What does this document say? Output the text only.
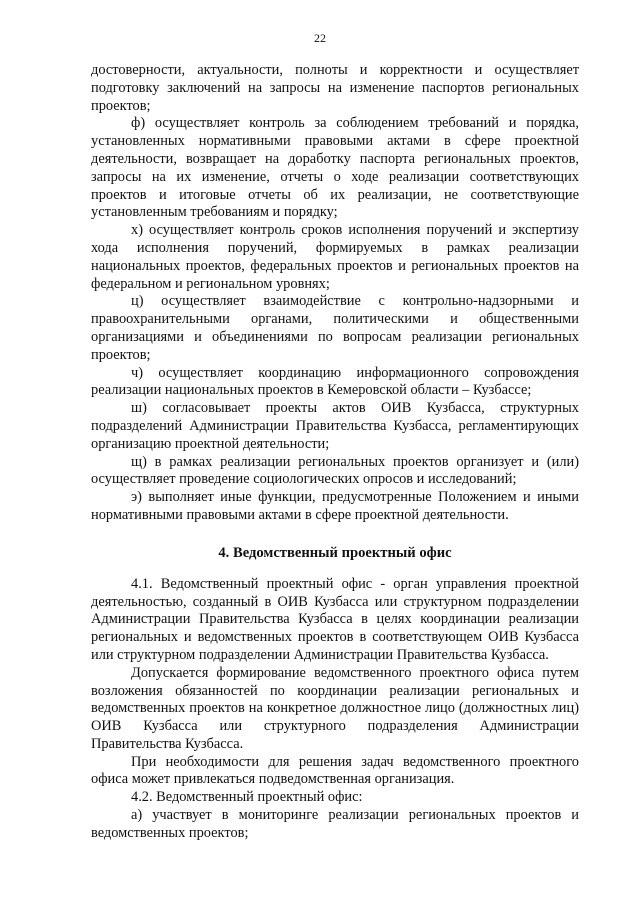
22

достоверности, актуальности, полноты и корректности и осуществляет подготовку заключений на запросы на изменение паспортов региональных проектов;

ф) осуществляет контроль за соблюдением требований и порядка, установленных нормативными правовыми актами в сфере проектной деятельности, возвращает на доработку паспорта региональных проектов, запросы на их изменение, отчеты о ходе реализации соответствующих проектов и итоговые отчеты об их реализации, не соответствующие установленным требованиям и порядку;

х) осуществляет контроль сроков исполнения поручений и экспертизу хода исполнения поручений, формируемых в рамках реализации национальных проектов, федеральных проектов и региональных проектов на федеральном и региональном уровнях;

ц) осуществляет взаимодействие с контрольно-надзорными и правоохранительными органами, политическими и общественными организациями и объединениями по вопросам реализации региональных проектов;

ч) осуществляет координацию информационного сопровождения реализации национальных проектов в Кемеровской области – Кузбассе;

ш) согласовывает проекты актов ОИВ Кузбасса, структурных подразделений Администрации Правительства Кузбасса, регламентирующих организацию проектной деятельности;

щ) в рамках реализации региональных проектов организует и (или) осуществляет проведение социологических опросов и исследований;

э) выполняет иные функции, предусмотренные Положением и иными нормативными правовыми актами в сфере проектной деятельности.

4. Ведомственный проектный офис

4.1. Ведомственный проектный офис - орган управления проектной деятельностью, созданный в ОИВ Кузбасса или структурном подразделении Администрации Правительства Кузбасса в целях координации реализации региональных и ведомственных проектов в соответствующем ОИВ Кузбасса или структурном подразделении Администрации Правительства Кузбасса.

Допускается формирование ведомственного проектного офиса путем возложения обязанностей по координации реализации региональных и ведомственных проектов на конкретное должностное лицо (должностных лиц) ОИВ Кузбасса или структурного подразделения Администрации Правительства Кузбасса.

При необходимости для решения задач ведомственного проектного офиса может привлекаться подведомственная организация.

4.2. Ведомственный проектный офис:

а) участвует в мониторинге реализации региональных проектов и ведомственных проектов;
